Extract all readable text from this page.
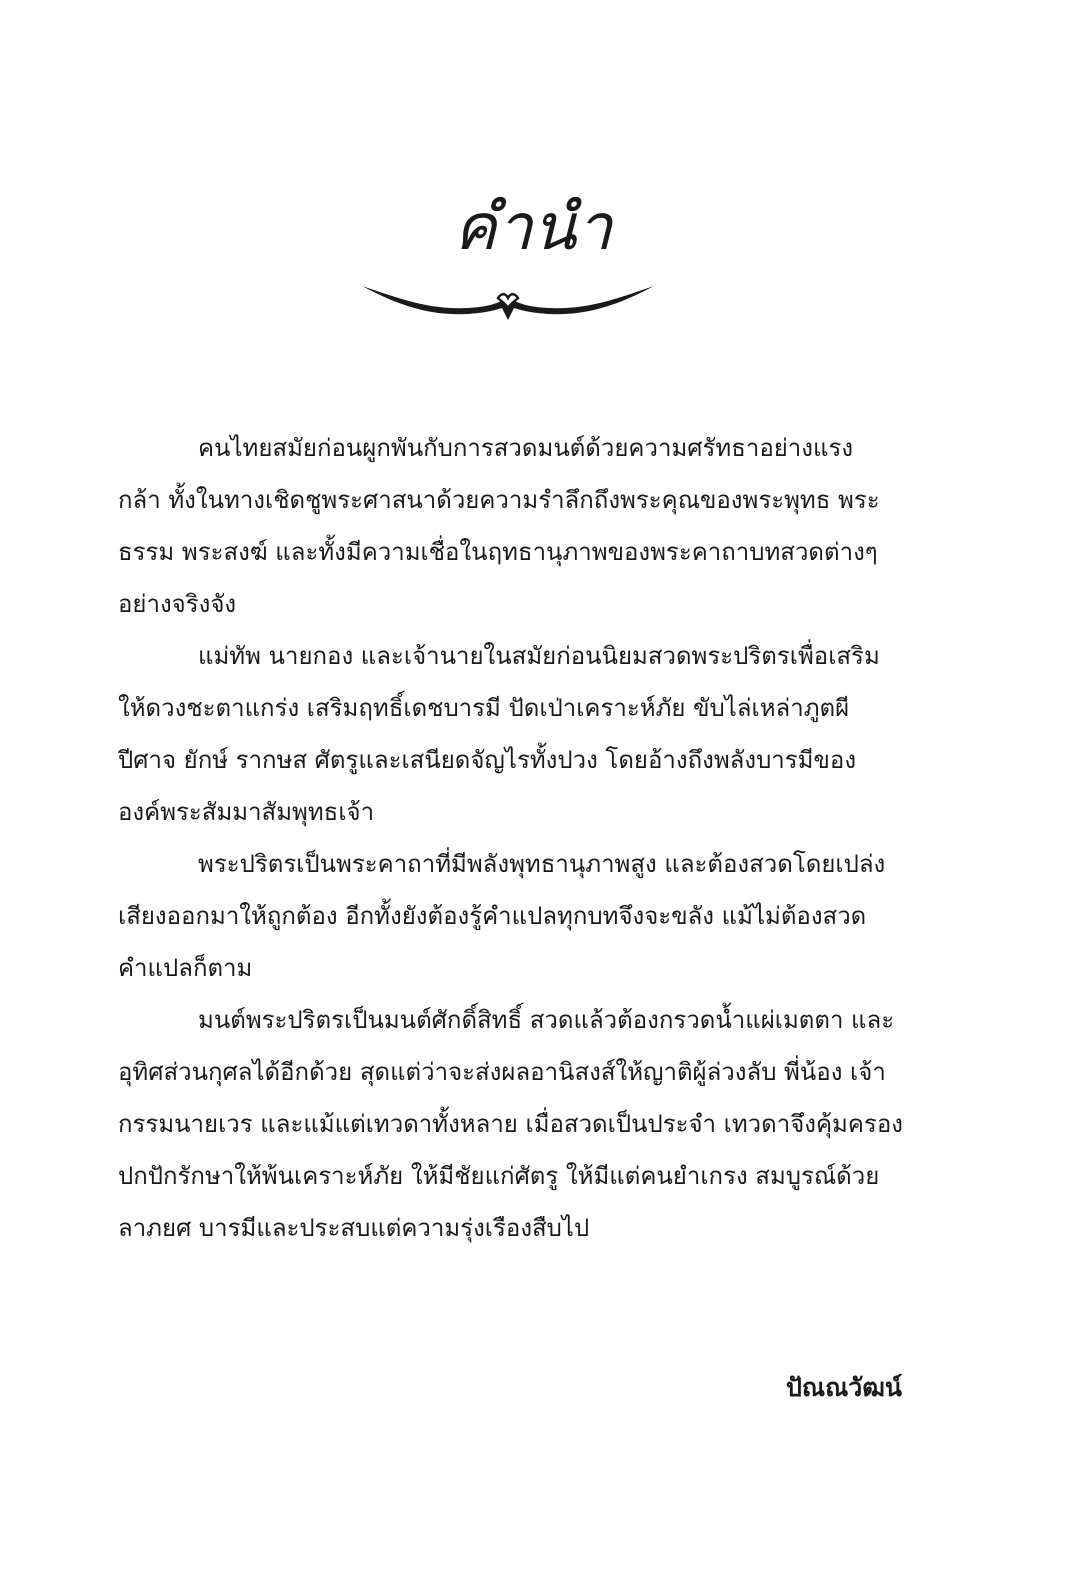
คำนำ
คนไทยสมัยก่อนผูกพันกับการสวดมนต์ด้วยความศรัทธาอย่างแรง
กล้า ทั้งในทางเชิดชูพระศาสนาด้วยความรำลึกถึงพระคุณของพระพุทธ พระ
ธรรม พระสงฆ์ และทั้งมีความเชื่อในฤทธานุภาพของพระคาถาบทสวดต่างๆ
อย่างจริงจัง
แม่ทัพ นายกอง และเจ้านายในสมัยก่อนนิยมสวดพระปริตรเพื่อเสริม
ให้ดวงชะตาแกร่ง เสริมฤทธิ์เดชบารมี ปัดเป่าเคราะห์ภัย ขับไล่เหล่าภูตผี
ปีศาจ ยักษ์ รากษส ศัตรูและเสนียดจัญไรทั้งปวง โดยอ้างถึงพลังบารมีของ
องค์พระสัมมาสัมพุทธเจ้า
พระปริตรเป็นพระคาถาที่มีพลังพุทธานุภาพสูง และต้องสวดโดยเปล่ง
เสียงออกมาให้ถูกต้อง อีกทั้งยังต้องรู้คำแปลทุกบทจึงจะขลัง แม้ไม่ต้องสวด
คำแปลก็ตาม
มนต์พระปริตรเป็นมนต์ศักดิ์สิทธิ์ สวดแล้วต้องกรวดน้ำแผ่เมตตา และ
อุทิศส่วนกุศลได้อีกด้วย สุดแต่ว่าจะส่งผลอานิสงส์ให้ญาติผู้ล่วงลับ พี่น้อง เจ้า
กรรมนายเวร และแม้แต่เทวดาทั้งหลาย เมื่อสวดเป็นประจำ เทวดาจึงคุ้มครอง
ปกปักรักษาให้พ้นเคราะห์ภัย ให้มีชัยแก่ศัตรู ให้มีแต่คนยำเกรง สมบูรณ์ด้วย
ลาภยศ บารมีและประสบแต่ความรุ่งเรืองสืบไป
ปัณณวัฒน์
